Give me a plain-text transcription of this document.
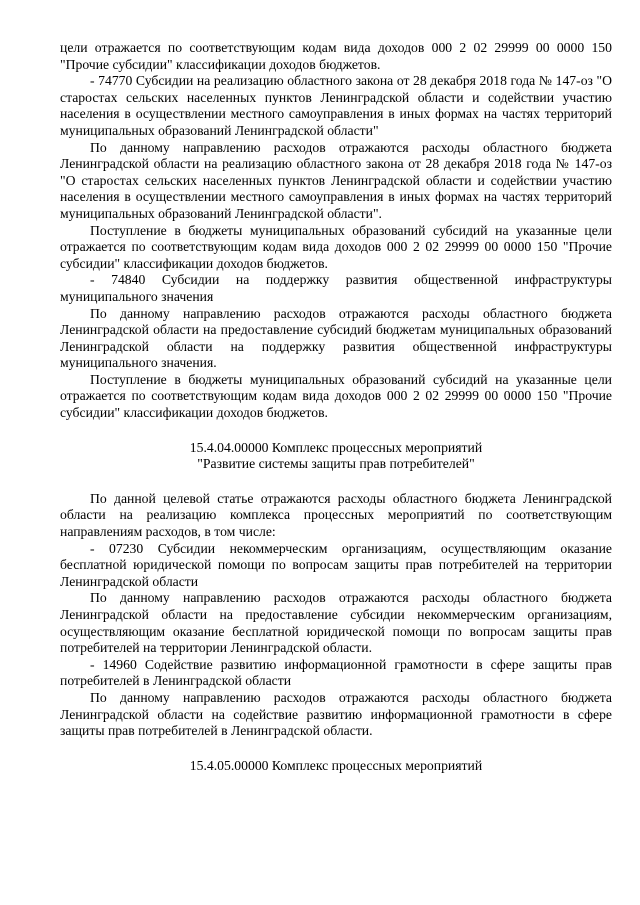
цели отражается по соответствующим кодам вида доходов 000 2 02 29999 00 0000 150 "Прочие субсидии" классификации доходов бюджетов.

- 74770 Субсидии на реализацию областного закона от 28 декабря 2018 года № 147-оз "О старостах сельских населенных пунктов Ленинградской области и содействии участию населения в осуществлении местного самоуправления в иных формах на частях территорий муниципальных образований Ленинградской области"

По данному направлению расходов отражаются расходы областного бюджета Ленинградской области на реализацию областного закона от 28 декабря 2018 года № 147-оз "О старостах сельских населенных пунктов Ленинградской области и содействии участию населения в осуществлении местного самоуправления в иных формах на частях территорий муниципальных образований Ленинградской области".

Поступление в бюджеты муниципальных образований субсидий на указанные цели отражается по соответствующим кодам вида доходов 000 2 02 29999 00 0000 150 "Прочие субсидии" классификации доходов бюджетов.

- 74840 Субсидии на поддержку развития общественной инфраструктуры муниципального значения

По данному направлению расходов отражаются расходы областного бюджета Ленинградской области на предоставление субсидий бюджетам муниципальных образований Ленинградской области на поддержку развития общественной инфраструктуры муниципального значения.

Поступление в бюджеты муниципальных образований субсидий на указанные цели отражается по соответствующим кодам вида доходов 000 2 02 29999 00 0000 150 "Прочие субсидии" классификации доходов бюджетов.

15.4.04.00000 Комплекс процессных мероприятий

"Развитие системы защиты прав потребителей"

По данной целевой статье отражаются расходы областного бюджета Ленинградской области на реализацию комплекса процессных мероприятий по соответствующим направлениям расходов, в том числе:

- 07230 Субсидии некоммерческим организациям, осуществляющим оказание бесплатной юридической помощи по вопросам защиты прав потребителей на территории Ленинградской области

По данному направлению расходов отражаются расходы областного бюджета Ленинградской области на предоставление субсидии некоммерческим организациям, осуществляющим оказание бесплатной юридической помощи по вопросам защиты прав потребителей на территории Ленинградской области.

- 14960 Содействие развитию информационной грамотности в сфере защиты прав потребителей в Ленинградской области

По данному направлению расходов отражаются расходы областного бюджета Ленинградской области на содействие развитию информационной грамотности в сфере защиты прав потребителей в Ленинградской области.

15.4.05.00000 Комплекс процессных мероприятий
